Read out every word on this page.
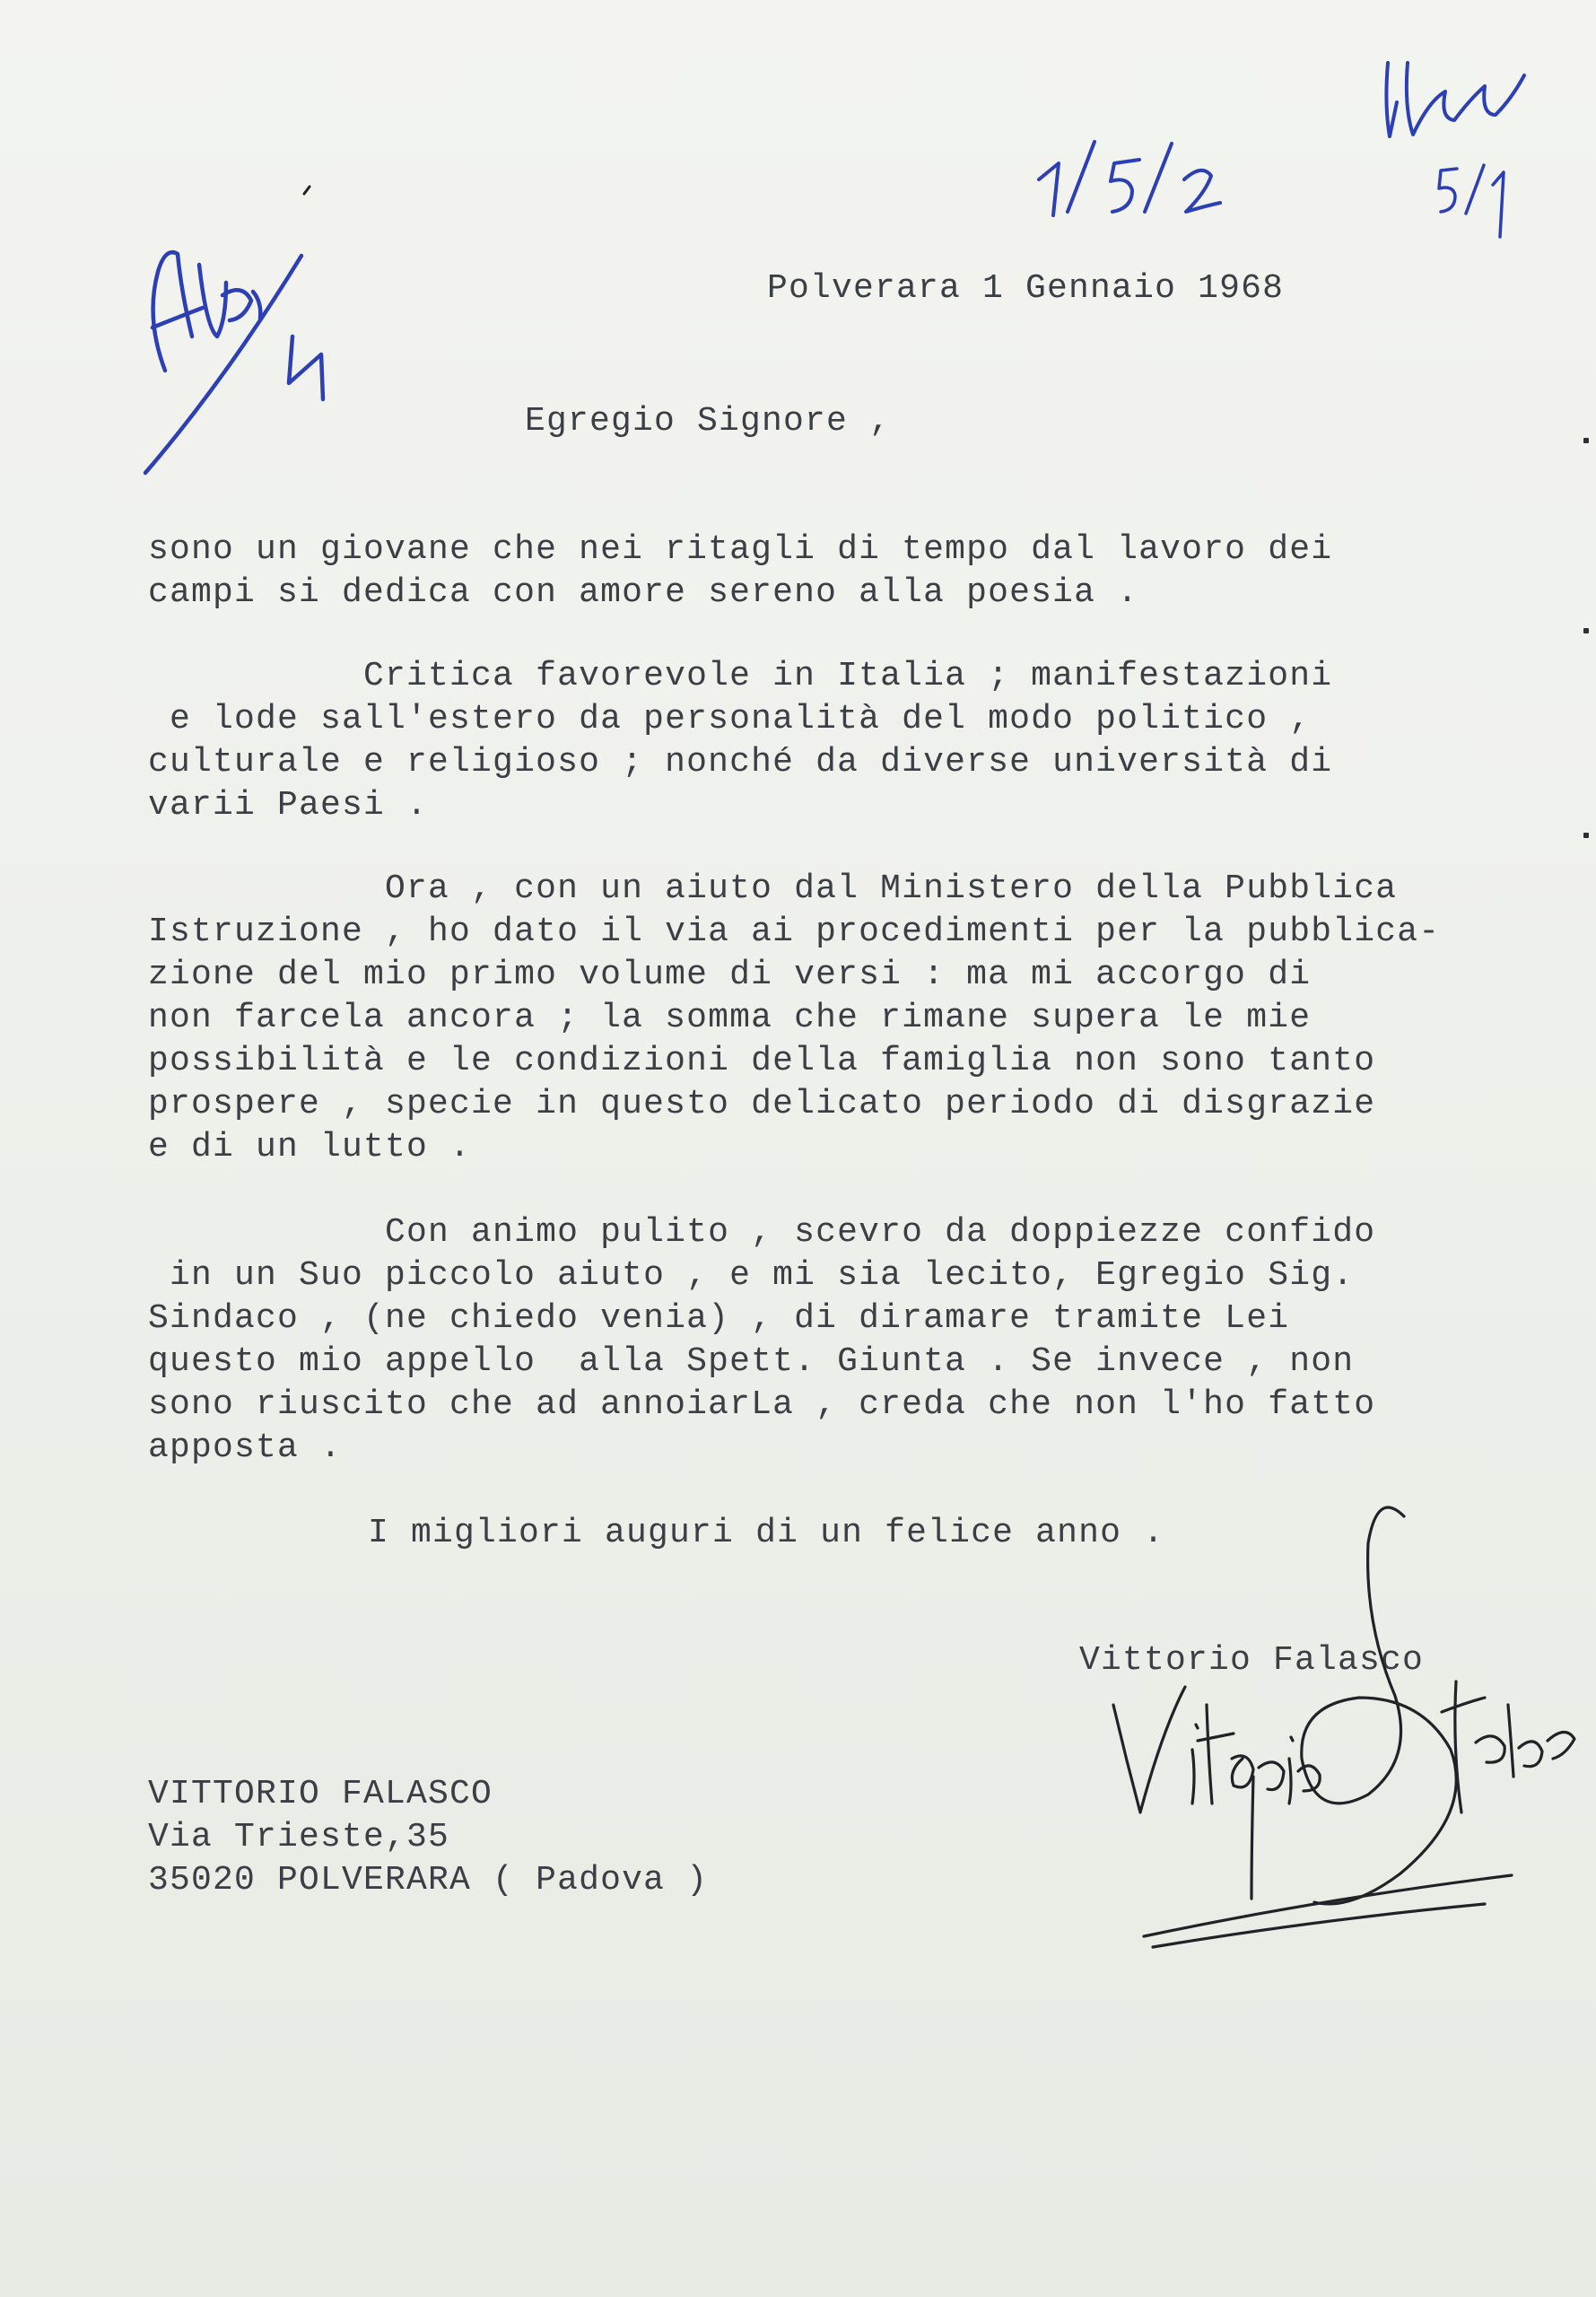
1/5/2

Polverara 1 Gennaio 1968

Egregio Signore ,

sono un giovane che nei ritagli di tempo dal lavoro dei

campi si dedica con amore sereno alla poesia .

Critica favorevole in Italia ; manifestazioni

e lode sall'estero da personalità del modo politico ,

culturale e religioso ; nonché da diverse università di

varii Paesi .

Ora , con un aiuto dal Ministero della Pubblica

Istruzione , ho dato il via ai procedimenti per la pubblica-

zione del mio primo volume di versi : ma mi accorgo di

non farcela ancora ; la somma che rimane supera le mie

possibilità e le condizioni della famiglia non sono tanto

prospere , specie in questo delicato periodo di disgrazie

e di un lutto .

Con animo pulito , scevro da doppiezze confido

in un Suo piccolo aiuto , e mi sia lecito, Egregio Sig.

Sindaco , (ne chiedo venia) , di diramare tramite Lei

questo mio appello  alla Spett. Giunta . Se invece , non

sono riuscito che ad annoiarLa , creda che non l'ho fatto

apposta .

I migliori auguri di un felice anno .

Vittorio Falasco

VITTORIO FALASCO

Via Trieste,35

35020 POLVERARA ( Padova )
